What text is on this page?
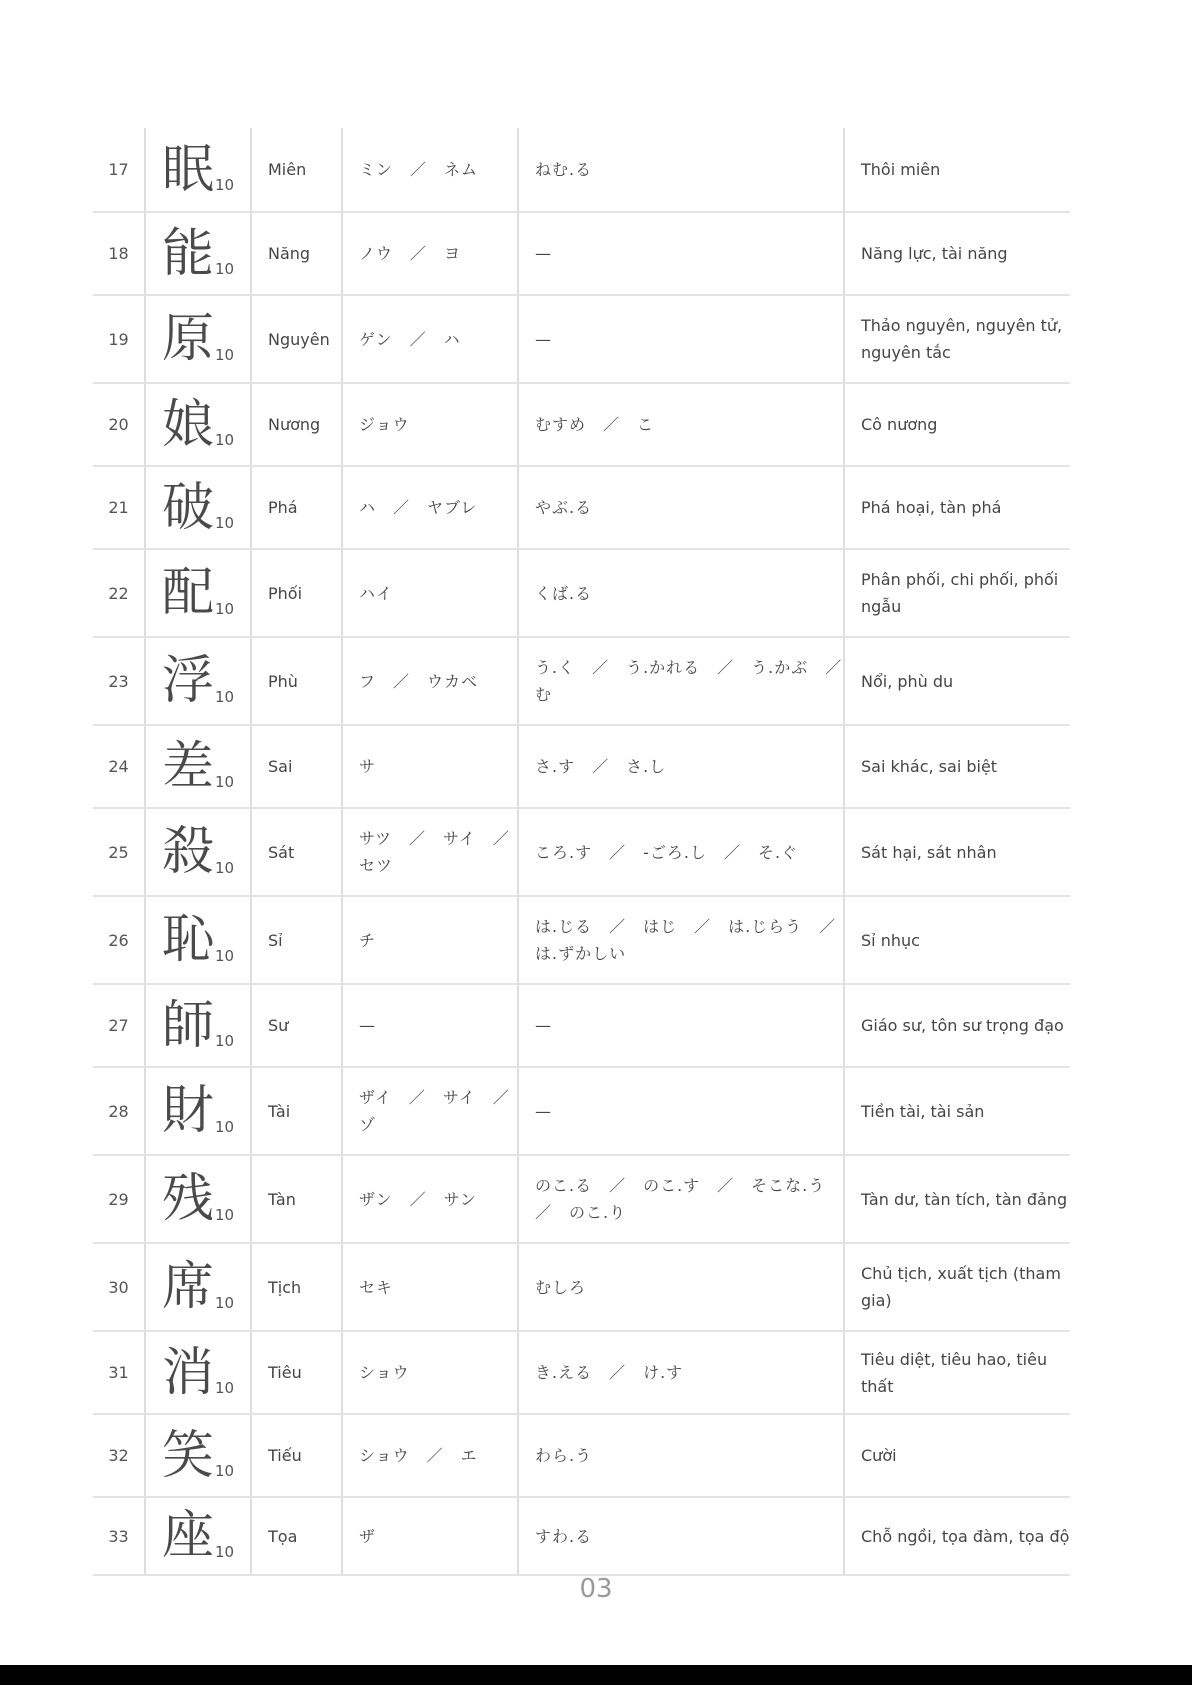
17	眠10	Miên	ミン　／　ネム	ねむ.る	Thôi miên
18	能10	Năng	ノウ　／　ヨ	—	Năng lực, tài năng
19	原10	Nguyên	ゲン　／　ハ	—	Thảo nguyên, nguyên tử, nguyên tắc
20	娘10	Nương	ジョウ	むすめ　／　こ	Cô nương
21	破10	Phá	ハ　／　ヤブレ	やぶ.る	Phá hoại, tàn phá
22	配10	Phối	ハイ	くば.る	Phân phối, chi phối, phối ngẫu
23	浮10	Phù	フ　／　ウカベ	う.く　／　う.かれる　／　う.かぶ　／　む	Nổi, phù du
24	差10	Sai	サ	さ.す　／　さ.し	Sai khác, sai biệt
25	殺10	Sát	サツ　／　サイ　／　セツ	ころ.す　／　-ごろ.し　／　そ.ぐ	Sát hại, sát nhân
26	恥10	Sỉ	チ	は.じる　／　はじ　／　は.じらう　／　は.ずかしい	Sỉ nhục
27	師10	Sư	—	—	Giáo sư, tôn sư trọng đạo
28	財10	Tài	ザイ　／　サイ　／　ゾ	—	Tiền tài, tài sản
29	残10	Tàn	ザン　／　サン	のこ.る　／　のこ.す　／　そこな.う　／　のこ.り	Tàn dư, tàn tích, tàn đảng
30	席10	Tịch	セキ	むしろ	Chủ tịch, xuất tịch (tham gia)
31	消10	Tiêu	ショウ	き.える　／　け.す	Tiêu diệt, tiêu hao, tiêu thất
32	笑10	Tiếu	ショウ　／　エ	わら.う	Cười
33	座10	Tọa	ザ	すわ.る	Chỗ ngồi, tọa đàm, tọa độ
03
